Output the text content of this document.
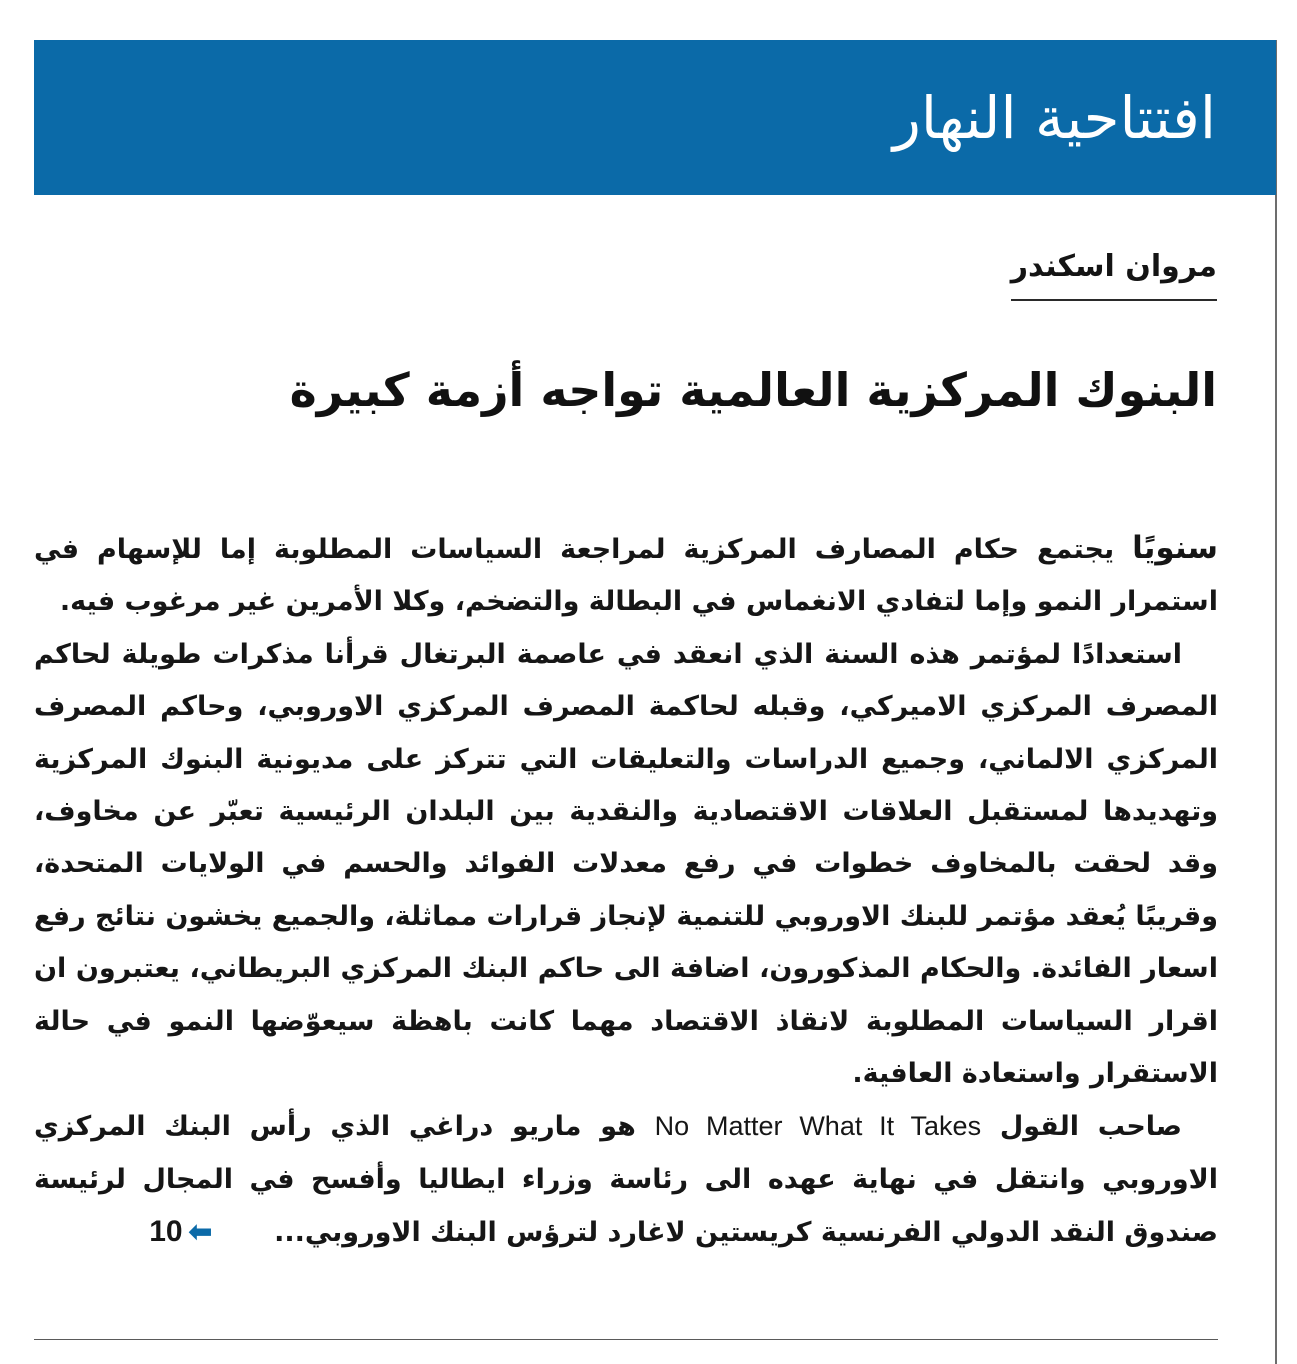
افتتاحية النهار
مروان اسكندر
البنوك المركزية العالمية تواجه أزمة كبيرة

سنويًا يجتمع حكام المصارف المركزية لمراجعة السياسات المطلوبة إما للإسهام في استمرار النمو وإما لتفادي الانغماس في البطالة والتضخم، وكلا الأمرين غير مرغوب فيه.

استعدادًا لمؤتمر هذه السنة الذي انعقد في عاصمة البرتغال قرأنا مذكرات طويلة لحاكم المصرف المركزي الاميركي، وقبله لحاكمة المصرف المركزي الاوروبي، وحاكم المصرف المركزي الالماني، وجميع الدراسات والتعليقات التي تتركز على مديونية البنوك المركزية وتهديدها لمستقبل العلاقات الاقتصادية والنقدية بين البلدان الرئيسية تعبّر عن مخاوف، وقد لحقت بالمخاوف خطوات في رفع معدلات الفوائد والحسم في الولايات المتحدة، وقريبًا يُعقد مؤتمر للبنك الاوروبي للتنمية لإنجاز قرارات مماثلة، والجميع يخشون نتائج رفع اسعار الفائدة. والحكام المذكورون، اضافة الى حاكم البنك المركزي البريطاني، يعتبرون ان اقرار السياسات المطلوبة لانقاذ الاقتصاد مهما كانت باهظة سيعوّضها النمو في حالة الاستقرار واستعادة العافية.

صاحب القول No Matter What It Takes هو ماريو دراغي الذي رأس البنك المركزي الاوروبي وانتقل في نهاية عهده الى رئاسة وزراء ايطاليا وأفسح في المجال لرئيسة صندوق النقد الدولي الفرنسية كريستين لاغارد لترؤس البنك الاوروبي...⬅10
